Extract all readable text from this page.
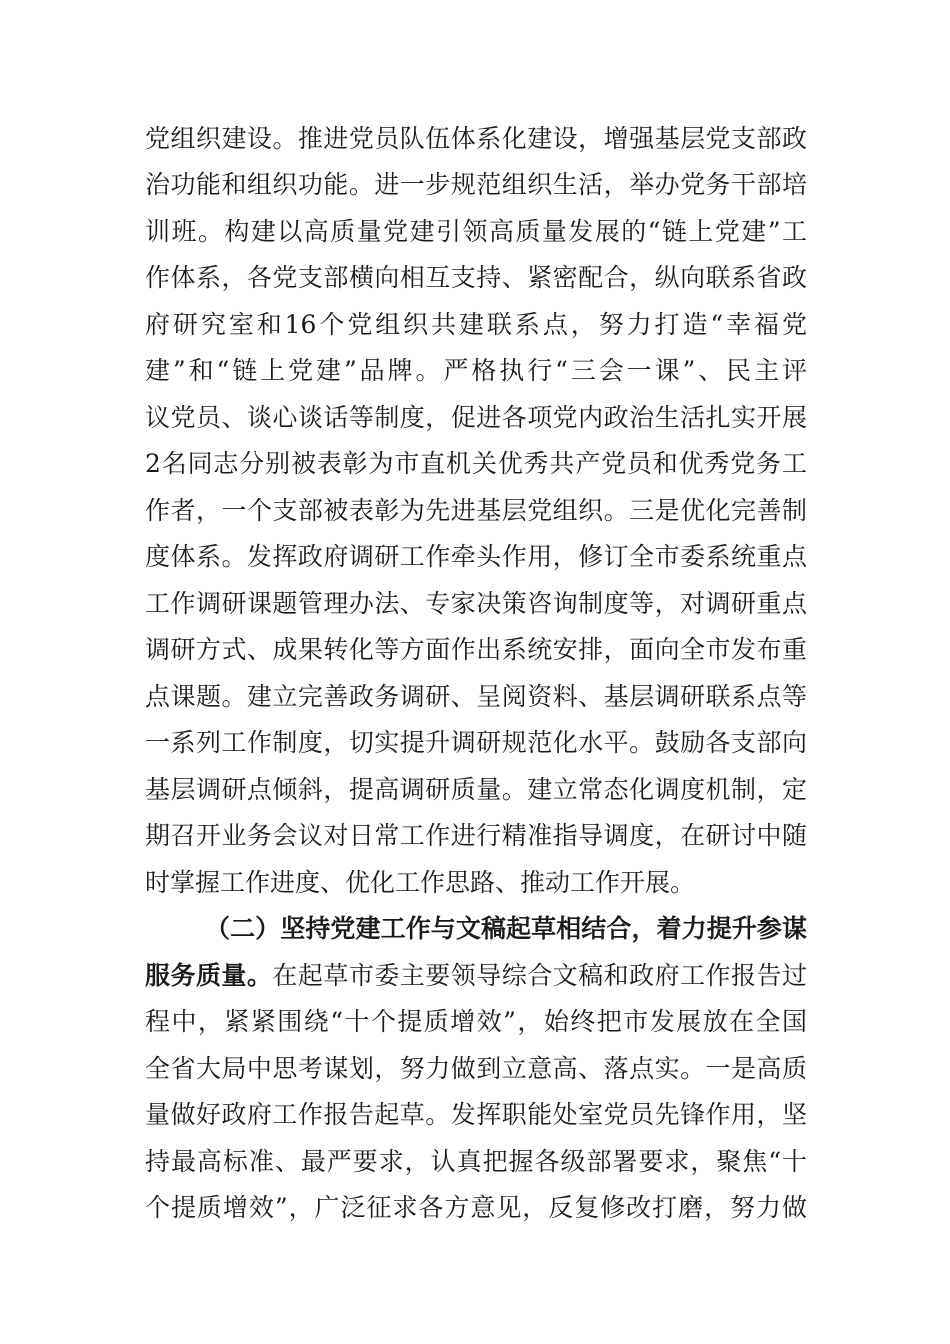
党组织建设。推进党员队伍体系化建设，增强基层党支部政

治功能和组织功能。进一步规范组织生活，举办党务干部培

训班。构建以高质量党建引领高质量发展的“链上党建”工

作体系，各党支部横向相互支持、紧密配合，纵向联系省政

府研究室和16个党组织共建联系点，努力打造“幸福党

建”和“链上党建”品牌。严格执行“三会一课”、民主评

议党员、谈心谈话等制度，促进各项党内政治生活扎实开展

2名同志分别被表彰为市直机关优秀共产党员和优秀党务工

作者，一个支部被表彰为先进基层党组织。三是优化完善制

度体系。发挥政府调研工作牵头作用，修订全市委系统重点

工作调研课题管理办法、专家决策咨询制度等，对调研重点

调研方式、成果转化等方面作出系统安排，面向全市发布重

点课题。建立完善政务调研、呈阅资料、基层调研联系点等

一系列工作制度，切实提升调研规范化水平。鼓励各支部向

基层调研点倾斜，提高调研质量。建立常态化调度机制，定

期召开业务会议对日常工作进行精准指导调度，在研讨中随

时掌握工作进度、优化工作思路、推动工作开展。

（二）坚持党建工作与文稿起草相结合，着力提升参谋

服务质量。在起草市委主要领导综合文稿和政府工作报告过

程中，紧紧围绕“十个提质增效”，始终把市发展放在全国

全省大局中思考谋划，努力做到立意高、落点实。一是高质

量做好政府工作报告起草。发挥职能处室党员先锋作用，坚

持最高标准、最严要求，认真把握各级部署要求，聚焦“十

个提质增效”，广泛征求各方意见，反复修改打磨，努力做
